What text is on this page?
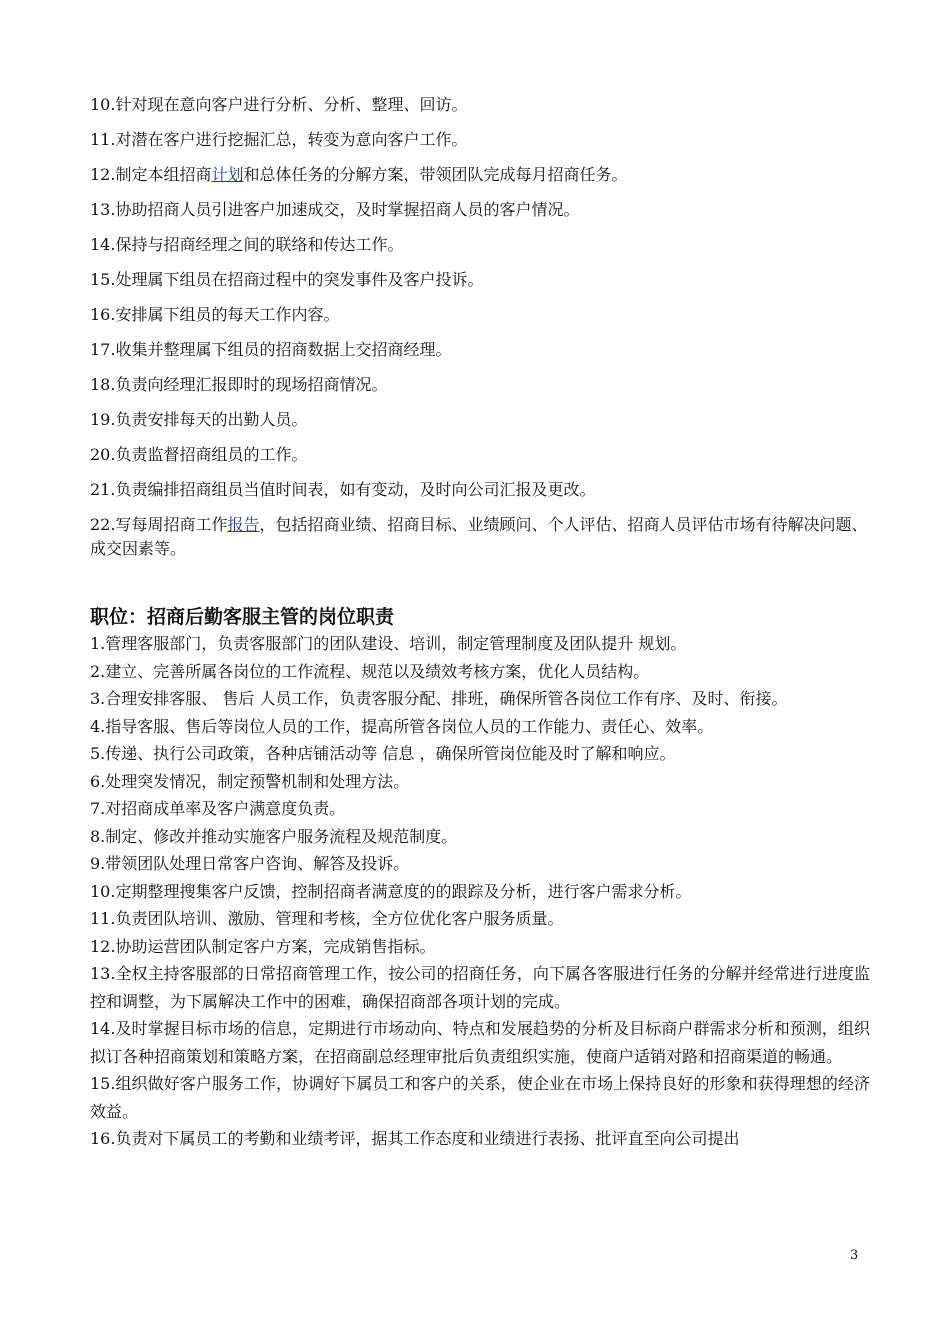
10.针对现在意向客户进行分析、分析、整理、回访。
11.对潜在客户进行挖掘汇总，转变为意向客户工作。
12.制定本组招商计划和总体任务的分解方案，带领团队完成每月招商任务。
13.协助招商人员引进客户加速成交，及时掌握招商人员的客户情况。
14.保持与招商经理之间的联络和传达工作。
15.处理属下组员在招商过程中的突发事件及客户投诉。
16.安排属下组员的每天工作内容。
17.收集并整理属下组员的招商数据上交招商经理。
18.负责向经理汇报即时的现场招商情况。
19.负责安排每天的出勤人员。
20.负责监督招商组员的工作。
21.负责编排招商组员当值时间表，如有变动，及时向公司汇报及更改。
22.写每周招商工作报告，包括招商业绩、招商目标、业绩顾问、个人评估、招商人员评估市场有待解决问题、成交因素等。
职位：招商后勤客服主管的岗位职责
1.管理客服部门，负责客服部门的团队建设、培训，制定管理制度及团队提升 规划。
2.建立、完善所属各岗位的工作流程、规范以及绩效考核方案，优化人员结构。
3.合理安排客服、 售后 人员工作，负责客服分配、排班，确保所管各岗位工作有序、及时、衔接。
4.指导客服、售后等岗位人员的工作，提高所管各岗位人员的工作能力、责任心、效率。
5.传递、执行公司政策，各种店铺活动等 信息 ，确保所管岗位能及时了解和响应。
6.处理突发情况，制定预警机制和处理方法。
7.对招商成单率及客户满意度负责。
8.制定、修改并推动实施客户服务流程及规范制度。
9.带领团队处理日常客户咨询、解答及投诉。
10.定期整理搜集客户反馈，控制招商者满意度的的跟踪及分析，进行客户需求分析。
11.负责团队培训、激励、管理和考核，全方位优化客户服务质量。
12.协助运营团队制定客户方案，完成销售指标。
13.全权主持客服部的日常招商管理工作，按公司的招商任务，向下属各客服进行任务的分解并经常进行进度监控和调整，为下属解决工作中的困难，确保招商部各项计划的完成。
14.及时掌握目标市场的信息，定期进行市场动向、特点和发展趋势的分析及目标商户群需求分析和预测，组织拟订各种招商策划和策略方案，在招商副总经理审批后负责组织实施，使商户适销对路和招商渠道的畅通。
15.组织做好客户服务工作，协调好下属员工和客户的关系，使企业在市场上保持良好的形象和获得理想的经济效益。
16.负责对下属员工的考勤和业绩考评，据其工作态度和业绩进行表扬、批评直至向公司提出
3
